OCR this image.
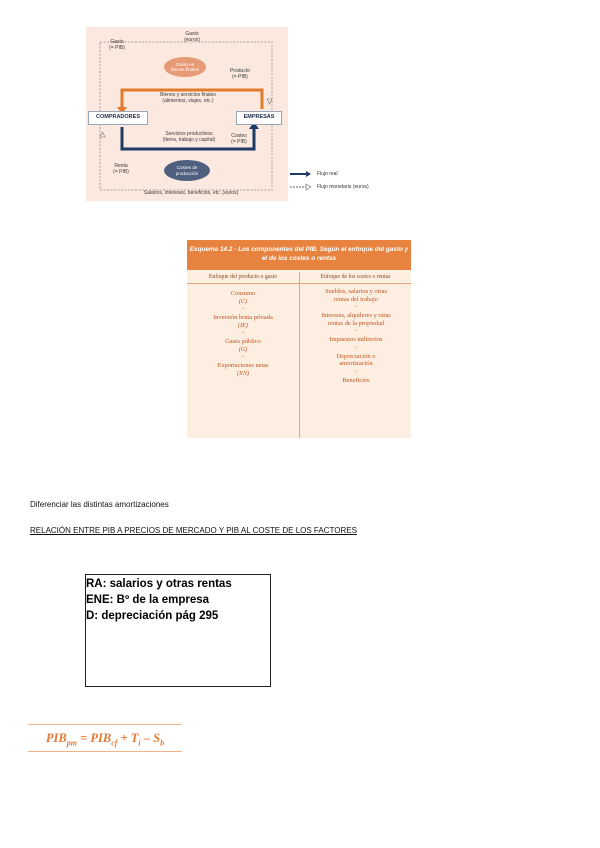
Gasto
(euros)
Gasto
(= PIB)
Gasto en
bienes finales	Producto
(= PIB)
Bienes y servicios finales
(alimentos, viajes, etc.)
COMPRADORES	EMPRESAS
Servicios productivos
(tierra, trabajo y capital)
Costes
(= PIB)
Renta
(= PIB)
Costes de
producción
Salarios, intereses, beneficios, etc. (euros)
Flujo real
Flujo monetario (euros)
Esquema 14.2 - Los componentes del PIB. Según el enfoque del gasto y el de los costes o rentas
Enfoque del producto o gasto	Enfoque de los costes o rentas
Consumo
(C)
+
Inversión bruta privada
(IE)
+
Gasto público
(G)
+
Exportaciones netas
(XN)
Sueldos, salarios y otras
rentas del trabajo
+
Intereses, alquileres y otras
rentas de la propiedad
+
Impuestos indirectos
+
Depreciación o
amortización
+
Beneficios
Diferenciar las distintas amortizaciones
RELACIÓN ENTRE PIB A PRECIOS DE MERCADO Y PIB AL COSTE DE LOS FACTORES
RA: salarios y otras rentas
ENE: Bº de la empresa
D: depreciación pág 295
$PIB_{pm} = PIB_{cf} + T_i - S_b$
